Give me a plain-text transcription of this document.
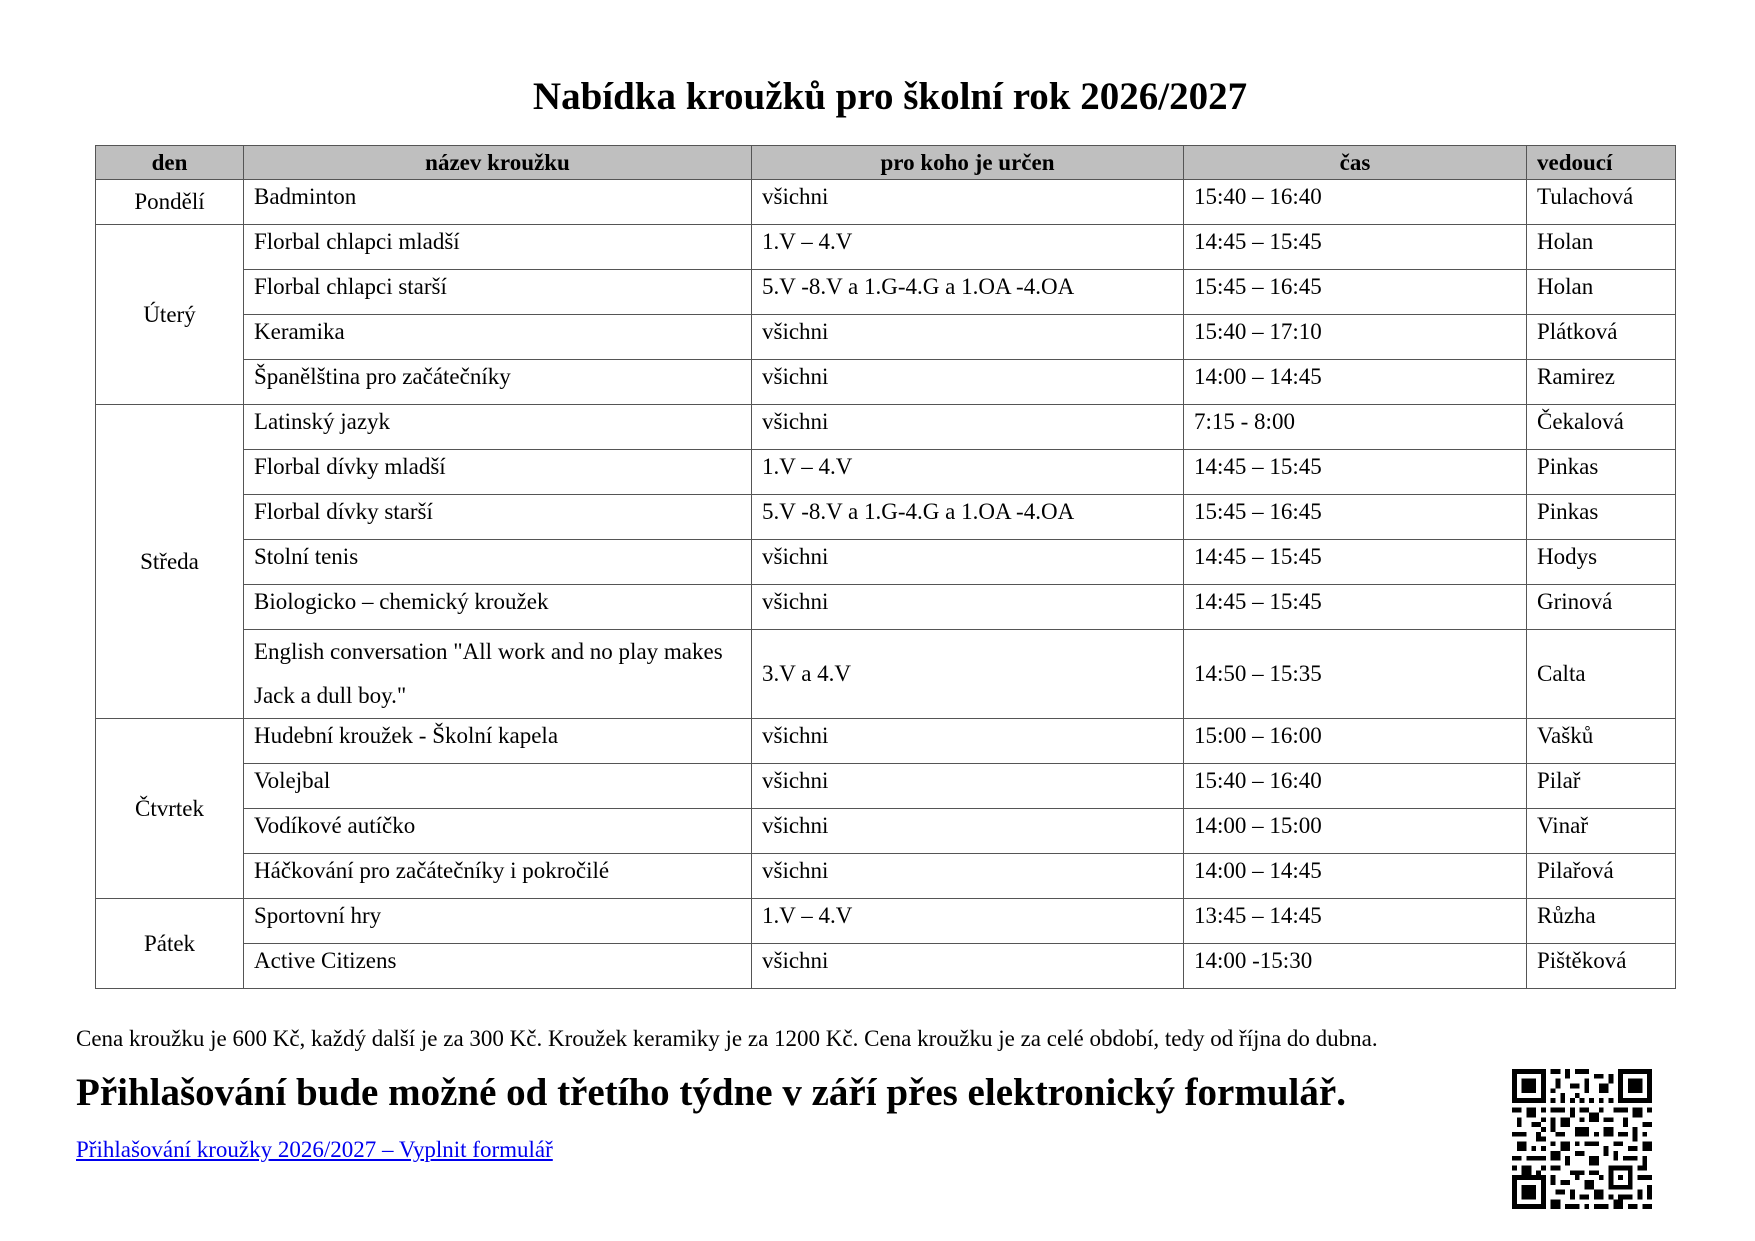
Nabídka kroužků pro školní rok 2026/2027
den	název kroužku	pro koho je určen	čas	vedoucí
Pondělí	Badminton	všichni	15:40 – 16:40	Tulachová
Úterý	Florbal chlapci mladší	1.V – 4.V	14:45 – 15:45	Holan
	Florbal chlapci starší	5.V -8.V a 1.G-4.G a 1.OA -4.OA	15:45 – 16:45	Holan
	Keramika	všichni	15:40 – 17:10	Plátková
	Španělština pro začátečníky	všichni	14:00 – 14:45	Ramirez
Středa	Latinský jazyk	všichni	7:15 - 8:00	Čekalová
	Florbal dívky mladší	1.V – 4.V	14:45 – 15:45	Pinkas
	Florbal dívky starší	5.V -8.V a 1.G-4.G a 1.OA -4.OA	15:45 – 16:45	Pinkas
	Stolní tenis	všichni	14:45 – 15:45	Hodys
	Biologicko – chemický kroužek	všichni	14:45 – 15:45	Grinová
	English conversation "All work and no play makes Jack a dull boy."	3.V a 4.V	14:50 – 15:35	Calta
Čtvrtek	Hudební kroužek - Školní kapela	všichni	15:00 – 16:00	Vašků
	Volejbal	všichni	15:40 – 16:40	Pilař
	Vodíkové autíčko	všichni	14:00 – 15:00	Vinař
	Háčkování pro začátečníky i pokročilé	všichni	14:00 – 14:45	Pilařová
Pátek	Sportovní hry	1.V – 4.V	13:45 – 14:45	Růzha
	Active Citizens	všichni	14:00 -15:30	Pištěková

Cena kroužku je 600 Kč, každý další je za 300 Kč. Kroužek keramiky je za 1200 Kč. Cena kroužku je za celé období, tedy od října do dubna.

Přihlašování bude možné od třetího týdne v září přes elektronický formulář.
Přihlašování kroužky 2026/2027 – Vyplnit formulář
